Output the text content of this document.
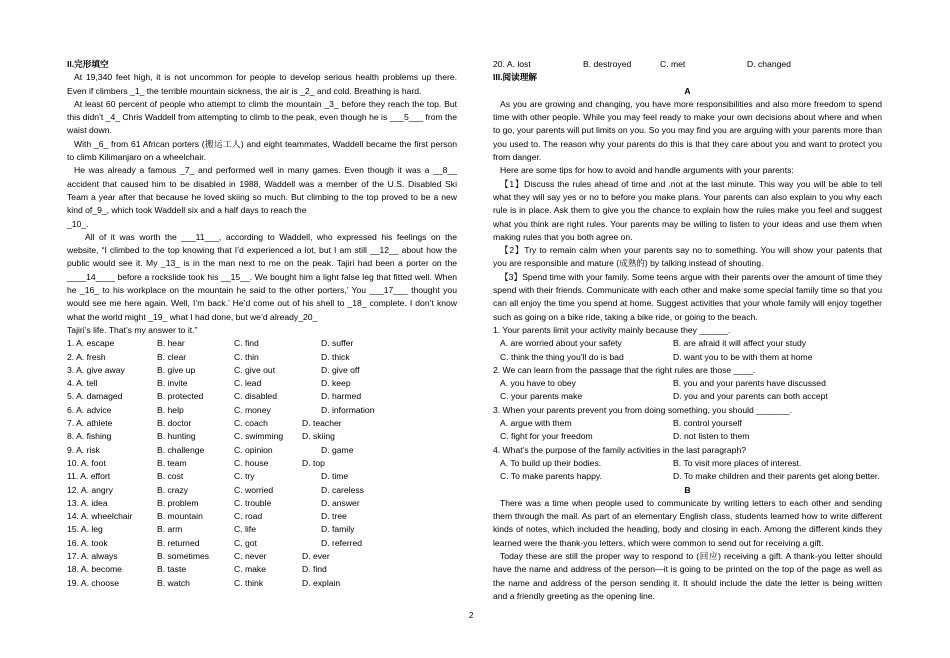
II.完形填空

At 19,340 feet high, it is not uncommon for people to develop serious health problems up there. Even if climbers _1_ the terrible mountain sickness, the air is _2_ and cold. Breathing is hard.

At least 60 percent of people who attempt to climb the mountain _3_ before they reach the top. But this didn’t _4_ Chris Waddell from attempting to climb to the peak, even though he is ___5___ from the waist down.

With _6_ from 61 African porters (搬运工人) and eight teammates, Waddell became the first person to climb Kilimanjaro on a wheelchair.

He was already a famous _7_ and performed well in many games. Even though it was a __8__ accident that caused him to be disabled in 1988, Waddell was a member of the U.S. Disabled Ski Team a year after that because he loved skiing so much. But climbing to the top proved to be a new kind of_9_, which took Waddell six and a half days to reach the

_10_.

All of it was worth the ___11___, according to Waddell, who expressed his feelings on the website, “I climbed to the top knowing that I’d experienced a lot, but I am still __12__ about how the public would see it. My _13_ is in the man next to me on the peak. Tajiri had been a porter on the ____14____ before a rockslide took his __15__. We bought him a light false leg that fitted well. When he _16_ to his workplace on the mountain he said to the other porters,’ You ___17___ thought you would see me here again. Well, I’m back.’ He’d come out of his shell to _18_ complete. I don’t know what the world might _19_ what I had done, but we’d already_20_

Tajiri’s life. That’s my answer to it.”

1. A. escape	B. hear	C. find	D. suffer
2. A. fresh	B. clear	C. thin	D. thick
3. A. give away	B. give up	C. give out	D. give off
4. A. tell	B. invite	C. lead	D. keep
5. A. damaged	B. protected	C. disabled	D. harmed
6. A. advice	B. help	C. money	D. information
7. A. athlete	B. doctor	C. coach	D. teacher
8. A. fishing	B. hunting	C. swimming	D. skiing
9. A. risk	B. challenge	C. opinion	D. game
10. A. foot	B. team	C. house	D. top
11. A. effort	B. cost	C. try	D. time
12. A. angry	B. crazy	C. worried	D. careless
13. A. idea	B. problem	C. trouble	D. answer
14. A. wheelchair	B. mountain	C. road	D. tree
15. A. leg	B. arm	C. life	D. family
16. A. took	B. returned	C. got	D. referred
17. A. always	B. sometimes	C. never	D. ever
18. A. become	B. taste	C. make	D. find
19. A. choose	B. watch	C. think	D. explain
20. A. lost	B. destroyed	C. met	D. changed

III.阅读理解

A

As you are growing and changing, you have more responsibilities and also more freedom to spend time with other people. While you may feel ready to make your own decisions about where and when to go, your parents will put limits on you. So you may find you are arguing with your parents more than you used to. The reason why your parents do this is that they care about you and want to protect you from danger.

Here are some tips for how to avoid and handle arguments with your parents:

【1】Discuss the rules ahead of time and .not at the last minute. This way you will be able to tell what they will say yes or no to before you make plans. Your parents can also explain to you why each rule is in place. Ask them to give you the chance to explain how the rules make you feel and suggest what you think are right rules. Your parents may be willing to listen to your ideas and use them when making rules that you both agree on.

【2】Try to remain calm when your parents say no to something. You will show your patents that you are responsible and mature (成熟的) by talking instead of shouting.

【3】Spend time with your family. Some teens argue with their parents over the amount of time they spend with their friends. Communicate with each other and make some special family time so that you can all enjoy the time you spend at home. Suggest activities that your whole family will enjoy together such as going on a bike ride, taking a bike ride, or going to the beach.

1. Your parents limit your activity mainly because they ______.

A. are worried about your safety	B. are afraid it will affect your study
C. think the thing you’ll do is bad	D. want you to be with them at home

2. We can learn from the passage that the right rules are those ____.

A. you have to obey	B. you and your parents have discussed
C. your parents make	D. you and your parents can both accept

3. When your parents prevent you from doing something, you should _______.

A. argue with them	B. control yourself
C. fight for your freedom	D. not listen to them

4. What’s the purpose of the family activities in the last paragraph?

A. To build up their bodies.	B. To visit more places of interest.
C. To make parents happy.	D. To make children and their parents get along better.

B

There was a time when people used to communicate by writing letters to each other and sending them through the mail. As part of an elementary English class, students learned how to write different kinds of notes, which included the heading, body and closing in each. Among the different kinds they learned were the thank-you letters, which were common to send out for receiving a gift.

Today these are still the proper way to respond to (回应) receiving a gift. A thank-you letter should have the name and address of the person—it is going to be printed on the top of the page as well as the name and address of the person sending it. It should include the date the letter is being written and a friendly greeting as the opening line.

2
